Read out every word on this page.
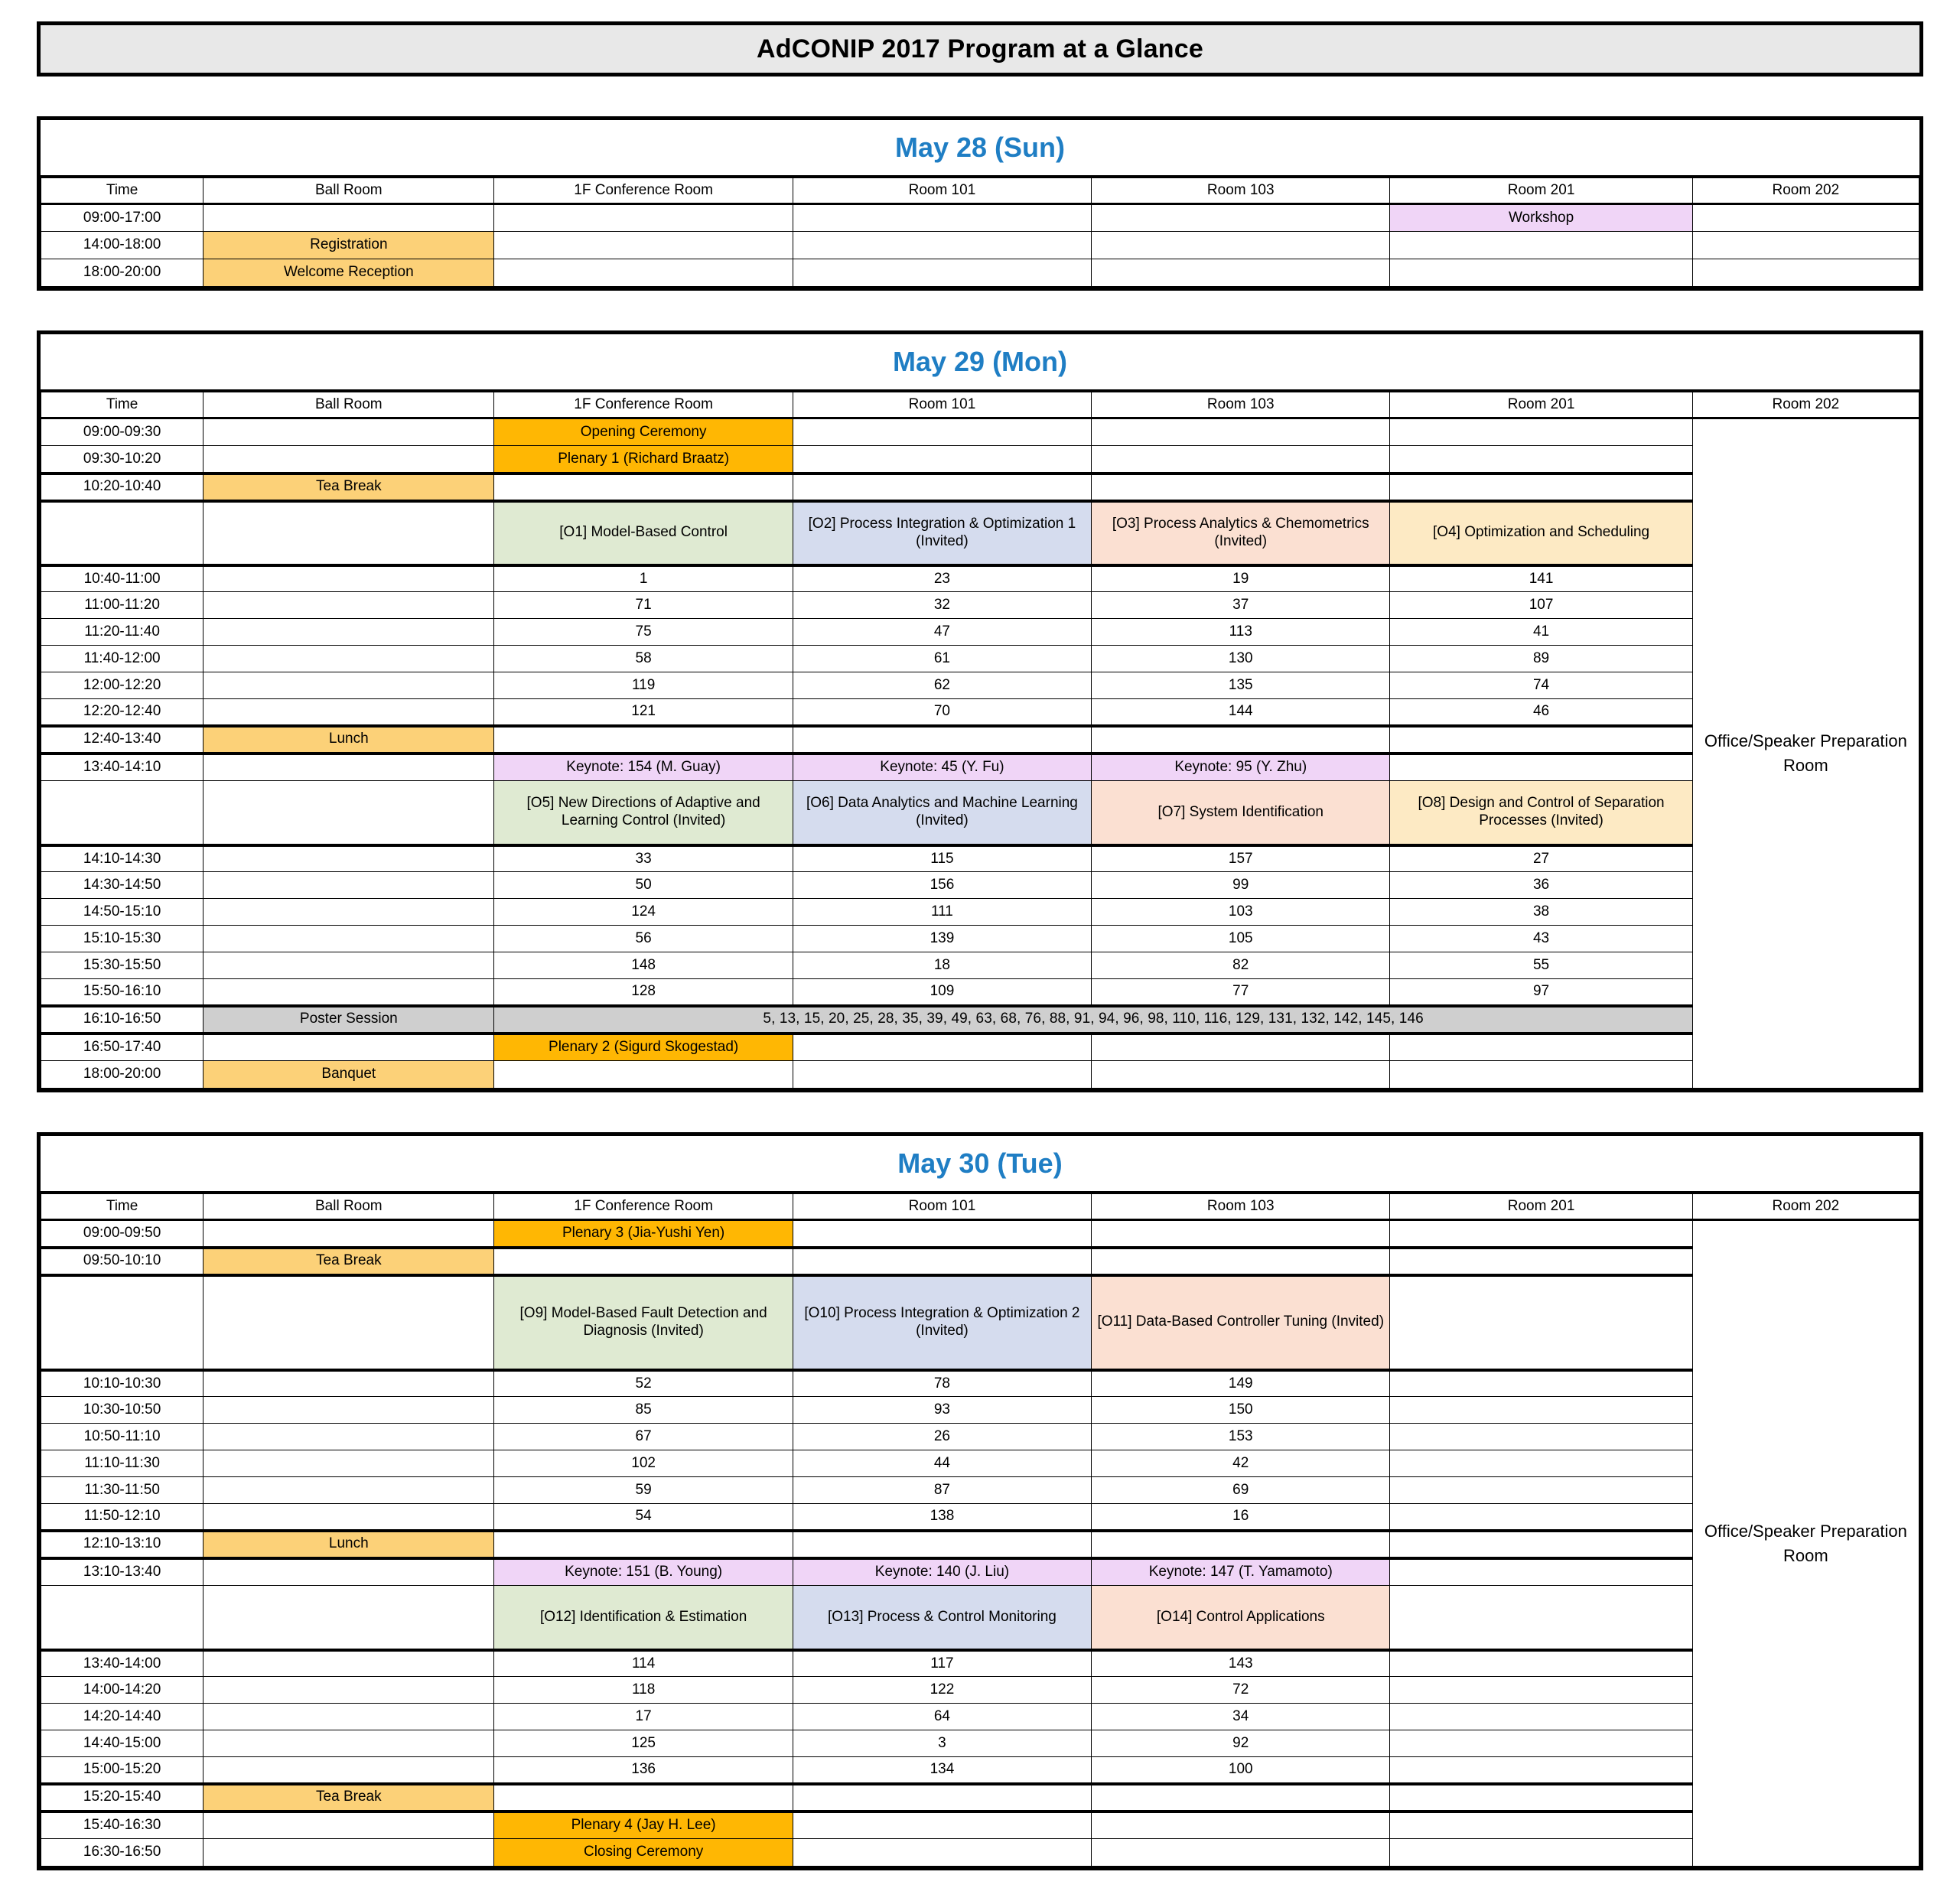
AdCONIP 2017 Program at a Glance
May 28 (Sun)
Time	Ball Room	1F Conference Room	Room 101	Room 103	Room 201	Room 202
09:00-17:00					Workshop	
14:00-18:00	Registration					
18:00-20:00	Welcome Reception					
May 29 (Mon)
Time	Ball Room	1F Conference Room	Room 101	Room 103	Room 201	Room 202
09:00-09:30		Opening Ceremony				Office/Speaker Preparation Room

09:30-10:20		Plenary 1 (Richard Braatz)				
10:20-10:40	Tea Break					
		[O1] Model-Based Control	[O2] Process Integration & Optimization 1 (Invited)	[O3] Process Analytics & Chemometrics (Invited)	[O4] Optimization and Scheduling	
10:40-11:00		1	23	19	141	
11:00-11:20		71	32	37	107	
11:20-11:40		75	47	113	41	
11:40-12:00		58	61	130	89	
12:00-12:20		119	62	135	74	
12:20-12:40		121	70	144	46	
12:40-13:40	Lunch					
13:40-14:10		Keynote: 154 (M. Guay)	Keynote: 45 (Y. Fu)	Keynote: 95 (Y. Zhu)		
		[O5] New Directions of Adaptive and Learning Control (Invited)	[O6] Data Analytics and Machine Learning (Invited)	[O7] System Identification	[O8] Design and Control of Separation Processes (Invited)	
14:10-14:30		33	115	157	27	
14:30-14:50		50	156	99	36	
14:50-15:10		124	111	103	38	
15:10-15:30		56	139	105	43	
15:30-15:50		148	18	82	55	
15:50-16:10		128	109	77	97	
16:10-16:50	Poster Session	5, 13, 15, 20, 25, 28, 35, 39, 49, 63, 68, 76, 88, 91, 94, 96, 98, 110, 116, 129, 131, 132, 142, 145, 146				
16:50-17:40		Plenary 2 (Sigurd Skogestad)				
18:00-20:00	Banquet					
May 30 (Tue)
Time	Ball Room	1F Conference Room	Room 101	Room 103	Room 201	Room 202
09:00-09:50		Plenary 3 (Jia-Yushi Yen)				Office/Speaker Preparation Room

09:50-10:10	Tea Break					
		[O9] Model-Based Fault Detection and Diagnosis (Invited)	[O10] Process Integration & Optimization 2 (Invited)	[O11] Data-Based Controller Tuning (Invited)		
10:10-10:30		52	78	149		
10:30-10:50		85	93	150		
10:50-11:10		67	26	153		
11:10-11:30		102	44	42		
11:30-11:50		59	87	69		
11:50-12:10		54	138	16		
12:10-13:10	Lunch					
13:10-13:40		Keynote: 151 (B. Young)	Keynote: 140 (J. Liu)	Keynote: 147 (T. Yamamoto)		
		[O12] Identification & Estimation	[O13] Process & Control Monitoring	[O14] Control Applications		
13:40-14:00		114	117	143		
14:00-14:20		118	122	72		
14:20-14:40		17	64	34		
14:40-15:00		125	3	92		
15:00-15:20		136	134	100		
15:20-15:40	Tea Break					
15:40-16:30		Plenary 4 (Jay H. Lee)				
16:30-16:50		Closing Ceremony				
